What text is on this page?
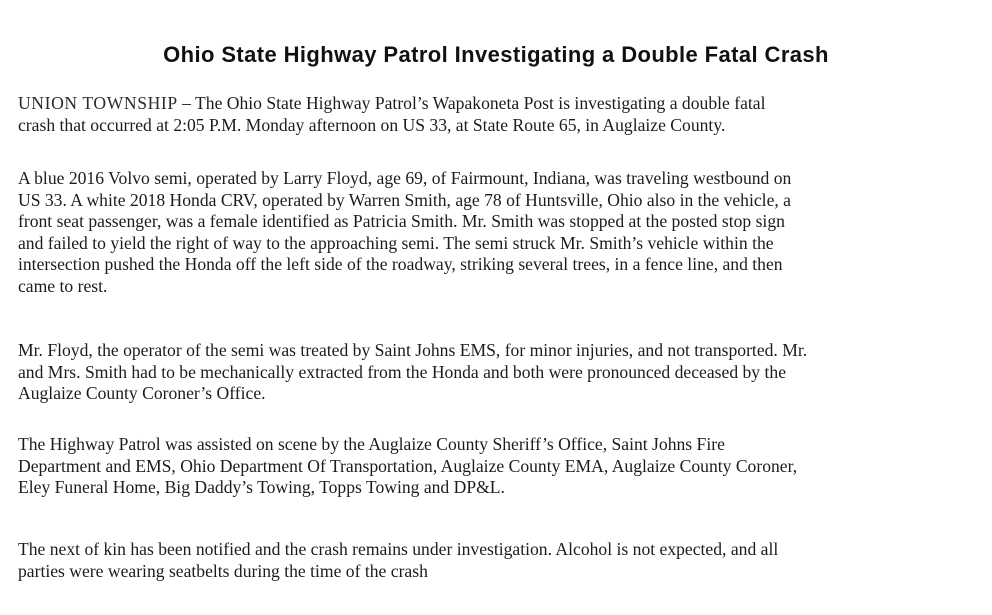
Ohio State Highway Patrol Investigating a Double Fatal Crash

UNION TOWNSHIP – The Ohio State Highway Patrol’s Wapakoneta Post is investigating a double fatal
crash that occurred at 2:05 P.M. Monday afternoon on US 33, at State Route 65, in Auglaize County.

A blue 2016 Volvo semi, operated by Larry Floyd, age 69, of Fairmount, Indiana, was traveling westbound on
US 33. A white 2018 Honda CRV, operated by Warren Smith, age 78 of Huntsville, Ohio also in the vehicle, a
front seat passenger, was a female identified as Patricia Smith. Mr. Smith was stopped at the posted stop sign
and failed to yield the right of way to the approaching semi. The semi struck Mr. Smith’s vehicle within the
intersection pushed the Honda off the left side of the roadway, striking several trees, in a fence line, and then
came to rest.

Mr. Floyd, the operator of the semi was treated by Saint Johns EMS, for minor injuries, and not transported. Mr.
and Mrs. Smith had to be mechanically extracted from the Honda and both were pronounced deceased by the
Auglaize County Coroner’s Office.

The Highway Patrol was assisted on scene by the Auglaize County Sheriff’s Office, Saint Johns Fire
Department and EMS, Ohio Department Of Transportation, Auglaize County EMA, Auglaize County Coroner,
Eley Funeral Home, Big Daddy’s Towing, Topps Towing and DP&L.

The next of kin has been notified and the crash remains under investigation. Alcohol is not expected, and all
parties were wearing seatbelts during the time of the crash
